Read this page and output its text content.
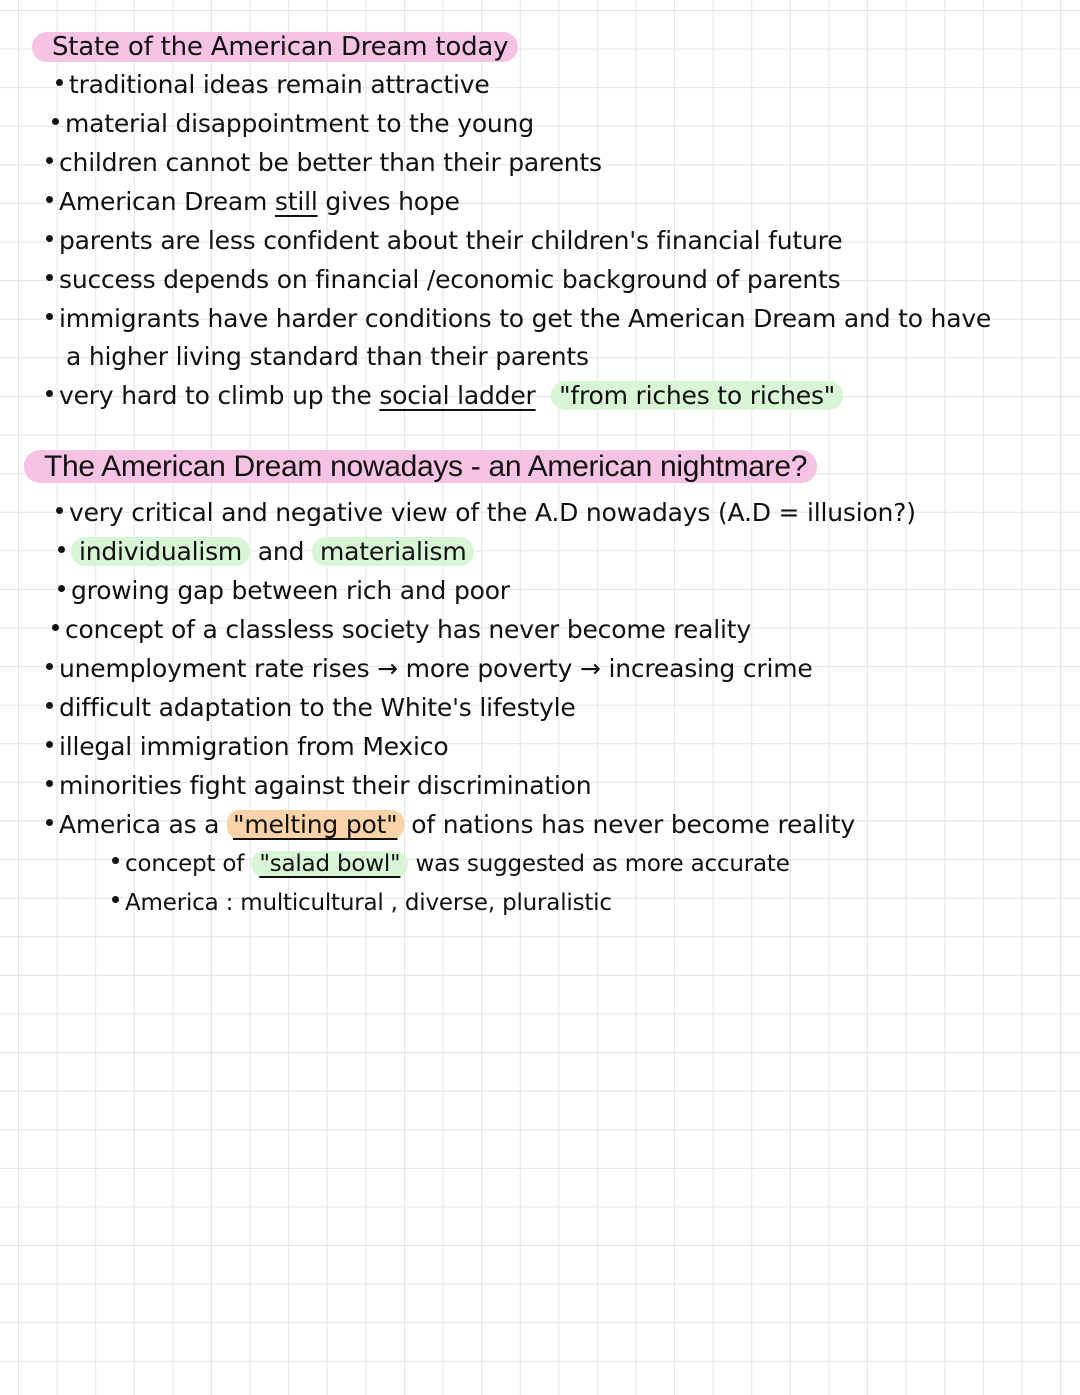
State of the American Dream today
traditional ideas remain attractive
material disappointment to the young
children cannot be better than their parents
American Dream still gives hope
parents are less confident about their children's financial future
success depends on financial /economic background of parents
immigrants have harder conditions to get the American Dream and to have
a higher living standard than their parents
very hard to climb up the social ladder "from riches to riches"
The American Dream nowadays - an American nightmare?
very critical and negative view of the A.D nowadays (A.D = illusion?)
individualism and materialism
growing gap between rich and poor
concept of a classless society has never become reality
unemployment rate rises → more poverty → increasing crime
difficult adaptation to the White's lifestyle
illegal immigration from Mexico
minorities fight against their discrimination
America as a "melting pot" of nations has never become reality
concept of "salad bowl" was suggested as more accurate
America : multicultural , diverse, pluralistic
